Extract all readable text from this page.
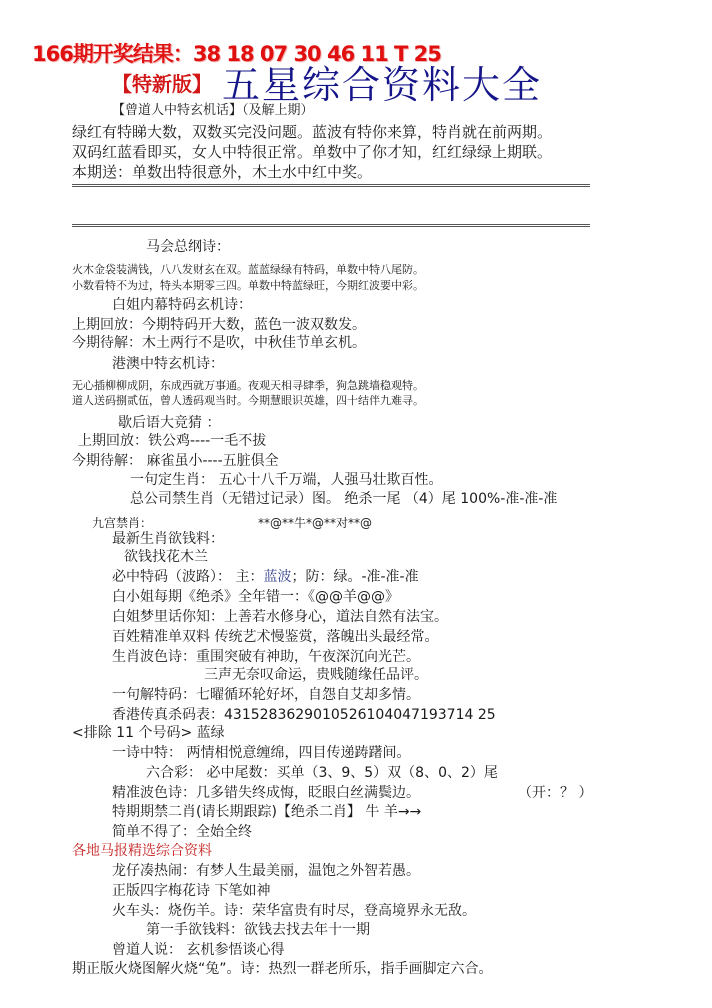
166期开奖结果：38 18 07 30 46 11 T 25
【特新版】 五星综合资料大全
【曾道人中特玄机话】（及解上期）
绿红有特睇大数，双数买完没问题。蓝波有特你来算，特肖就在前两期。
双码红蓝看即买，女人中特很正常。单数中了你才知，红红绿绿上期联。
本期送：单数出特很意外，木土水中红中奖。
马会总纲诗：
火木金袋装满钱，八八发财玄在双。蓝蓝绿绿有特码，单数中特八尾防。
小数看特不为过，特头本期零三四。单数中特蓝绿旺，今期红波要中彩。
白姐内幕特码玄机诗：
上期回放：今期特码开大数，蓝色一波双数发。
今期待解：木土两行不是吹，中秋佳节单玄机。
港澳中特玄机诗：
无心插柳柳成阴，东成西就万事通。夜观天相寻肆季，狗急跳墙稳观特。
道人送码捌贰伍，曾人透码观当时。今期慧眼识英雄，四十结伴九难寻。
歇后语大竞猜 ：
上期回放：铁公鸡----一毛不拔
今期待解： 麻雀虽小----五脏俱全
一句定生肖： 五心十八千万端，人强马壮欺百性。
总公司禁生肖（无错过记录）图。 绝杀一尾 （4）尾 100%-准-准-准
九宫禁肖：	**@**牛*@**对**@
最新生肖欲钱料：
欲钱找花木兰
必中特码（波路）： 主：蓝波；防：绿。-准-准-准
白小姐每期《绝杀》全年错一：《@@羊@@》
白姐梦里话你知：上善若水修身心，道法自然有法宝。
百姓精准单双料 传统艺术慢鉴赏，落魄出头最经常。
生肖波色诗：重围突破有神助，午夜深沉向光芒。
三声无奈叹命运，贵贱随缘任品评。
一句解特码：七曜循环轮好坏，自怨自艾却多情。
香港传真杀码表：4315283629010526104047193714 25
<排除 11 个号码> 蓝绿
一诗中特： 两情相悦意缠绵，四目传递踌躇间。
六合彩： 必中尾数：买单（3、9、5）双（8、0、2）尾
精准波色诗：几多错失终成悔，眨眼白丝满鬓边。	（开：？ ）
特期期禁二肖(请长期跟踪)【绝杀二肖】 牛 羊→→
简单不得了：全始全终
各地马报精选综合资料
龙仔凑热闹：有梦人生最美丽，温饱之外智若愚。
正版四字梅花诗 下笔如神
火车头：烧伤羊。诗：荣华富贵有时尽，登高境界永无敌。
第一手欲钱料：欲钱去找去年十一期
曾道人说： 玄机参悟谈心得
期正版火烧图解火烧“兔”。诗：热烈一群老所乐，指手画脚定六合。
